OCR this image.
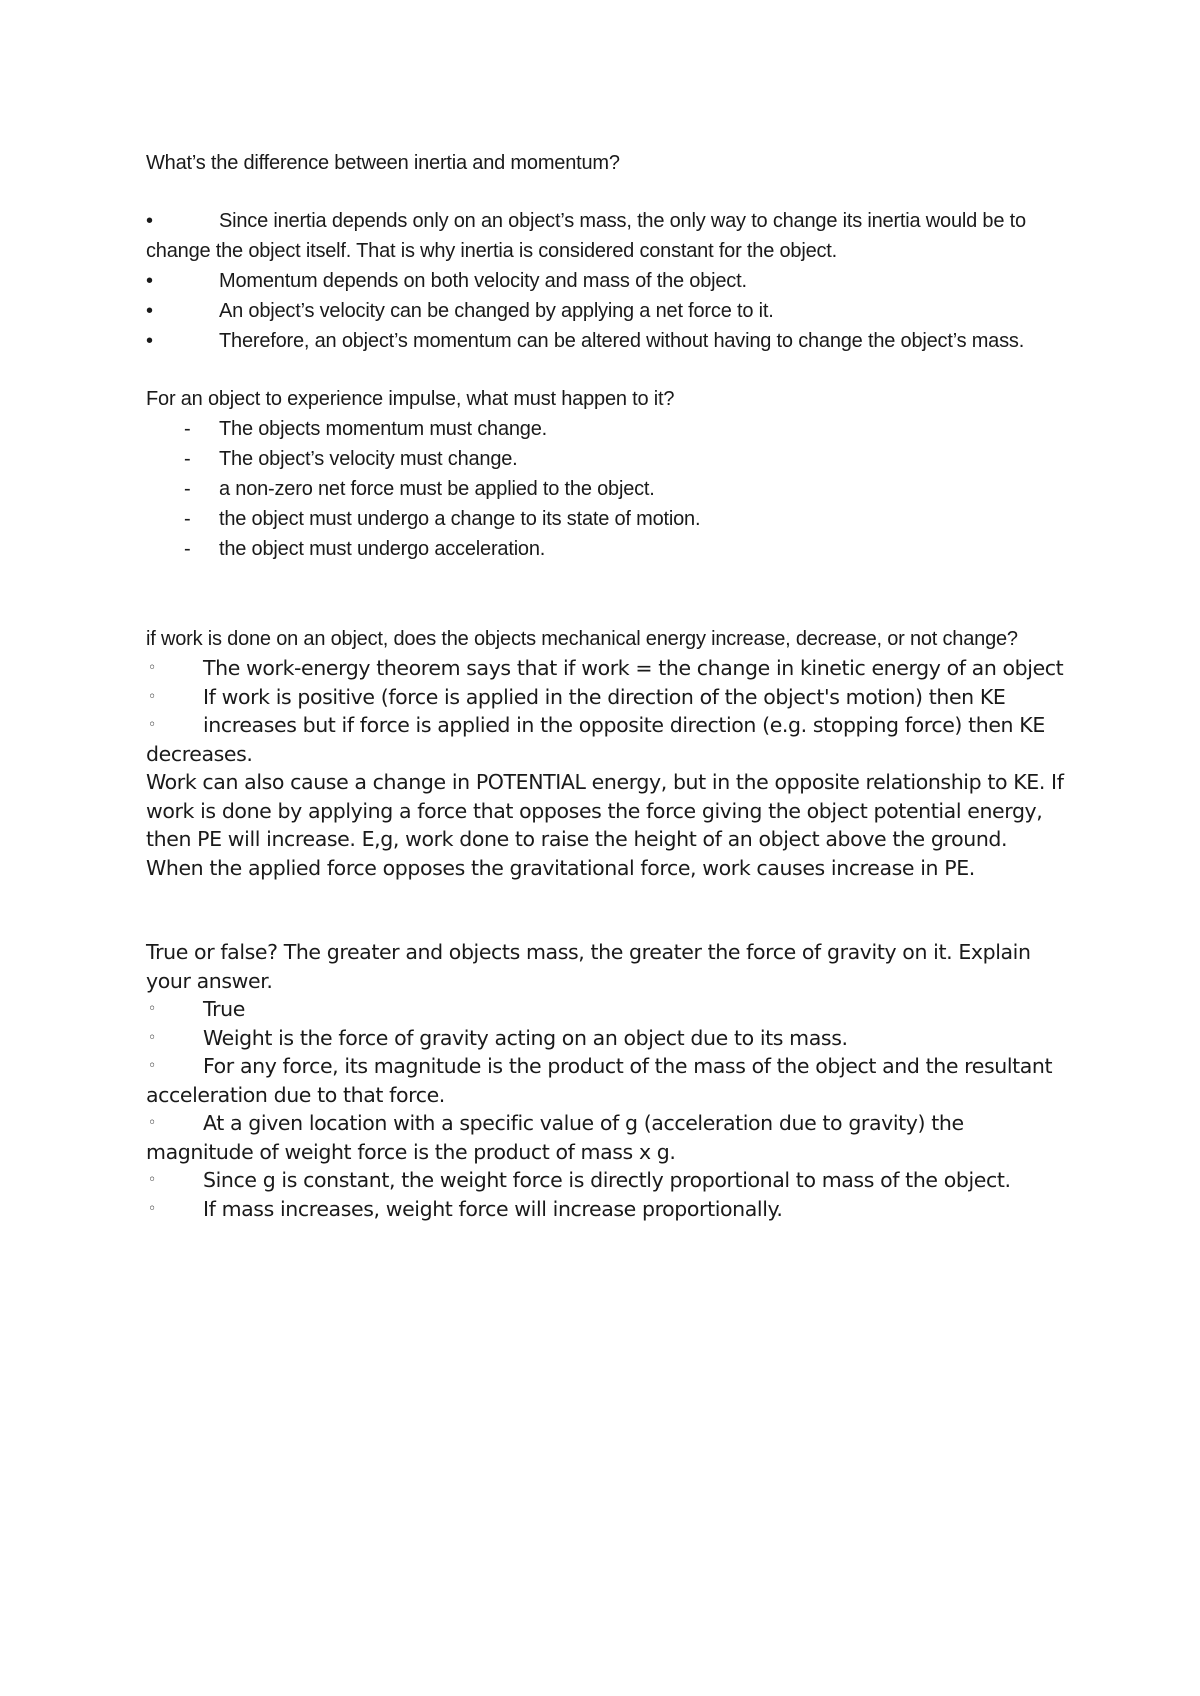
What’s the difference between inertia and momentum?

•	Since inertia depends only on an object’s mass, the only way to change its inertia would be to change the object itself. That is why inertia is considered constant for the object.

•	Momentum depends on both velocity and mass of the object.

•	An object’s velocity can be changed by applying a net force to it.

•	Therefore, an object’s momentum can be altered without having to change the object’s mass.

For an object to experience impulse, what must happen to it?

- The objects momentum must change.

- The object’s velocity must change.

- a non-zero net force must be applied to the object.

- the object must undergo a change to its state of motion.

- the object must undergo acceleration.

if work is done on an object, does the objects mechanical energy increase, decrease, or not change?

◦ The work-energy theorem says that if work = the change in kinetic energy of an object

◦ If work is positive (force is applied in the direction of the object's motion) then KE

◦ increases but if force is applied in the opposite direction (e.g. stopping force) then KE decreases.

Work can also cause a change in POTENTIAL energy, but in the opposite relationship to KE. If work is done by applying a force that opposes the force giving the object potential energy, then PE will increase. E,g, work done to raise the height of an object above the ground. When the applied force opposes the gravitational force, work causes increase in PE.

True or false? The greater and objects mass, the greater the force of gravity on it. Explain your answer.

◦ True

◦ Weight is the force of gravity acting on an object due to its mass.

◦ For any force, its magnitude is the product of the mass of the object and the resultant acceleration due to that force.

◦ At a given location with a specific value of g (acceleration due to gravity) the magnitude of weight force is the product of mass x g.

◦ Since g is constant, the weight force is directly proportional to mass of the object.

◦ If mass increases, weight force will increase proportionally.
